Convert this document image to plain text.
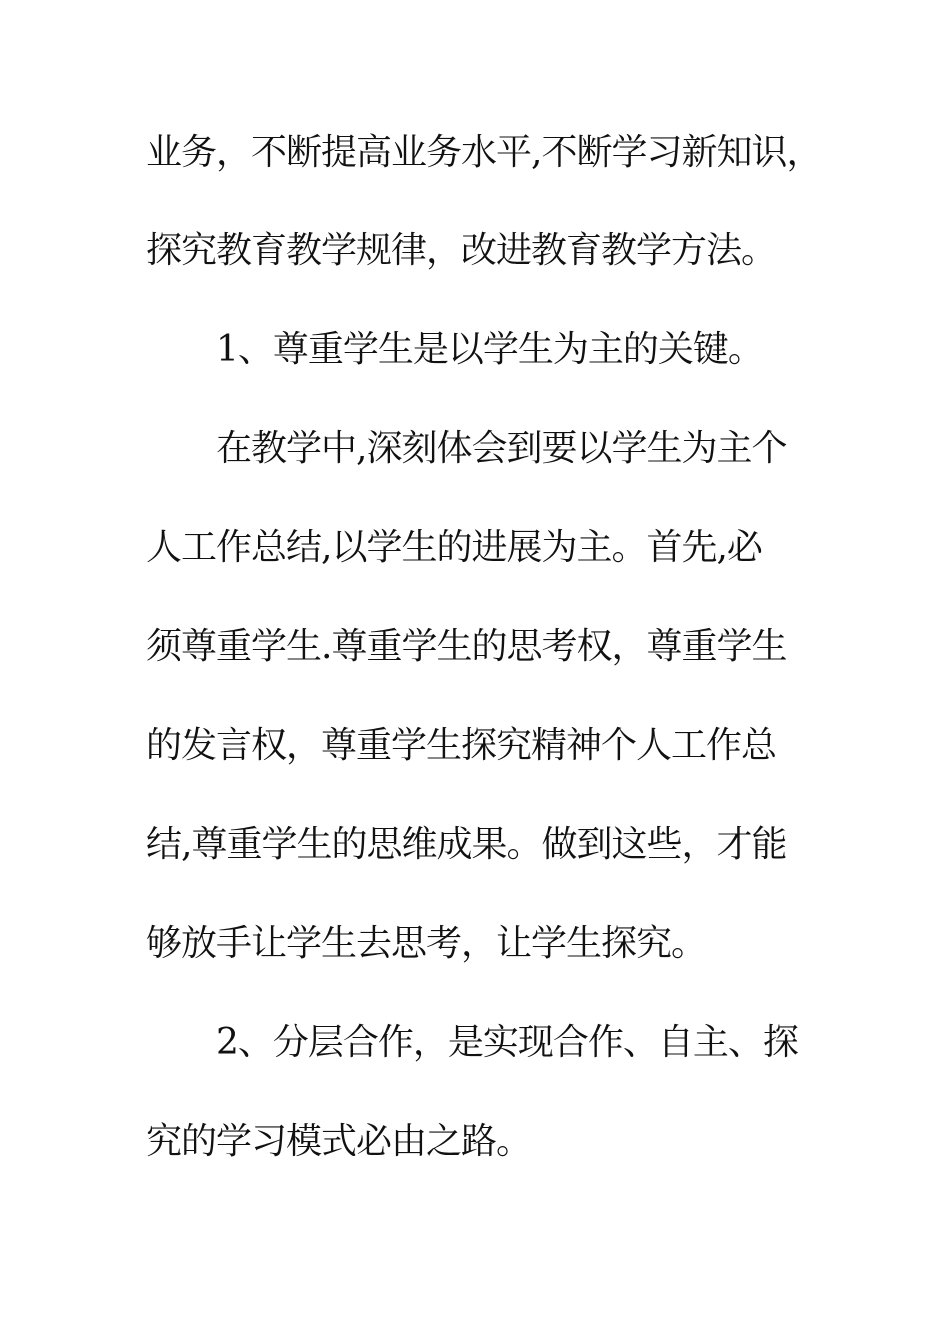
业务，不断提高业务水平,不断学习新知识，
探究教育教学规律，改进教育教学方法。
1、尊重学生是以学生为主的关键。
在教学中,深刻体会到要以学生为主个
人工作总结,以学生的进展为主。首先,必
须尊重学生.尊重学生的思考权，尊重学生
的发言权，尊重学生探究精神个人工作总
结,尊重学生的思维成果。做到这些，才能
够放手让学生去思考，让学生探究。
2、分层合作，是实现合作、自主、探
究的学习模式必由之路。
